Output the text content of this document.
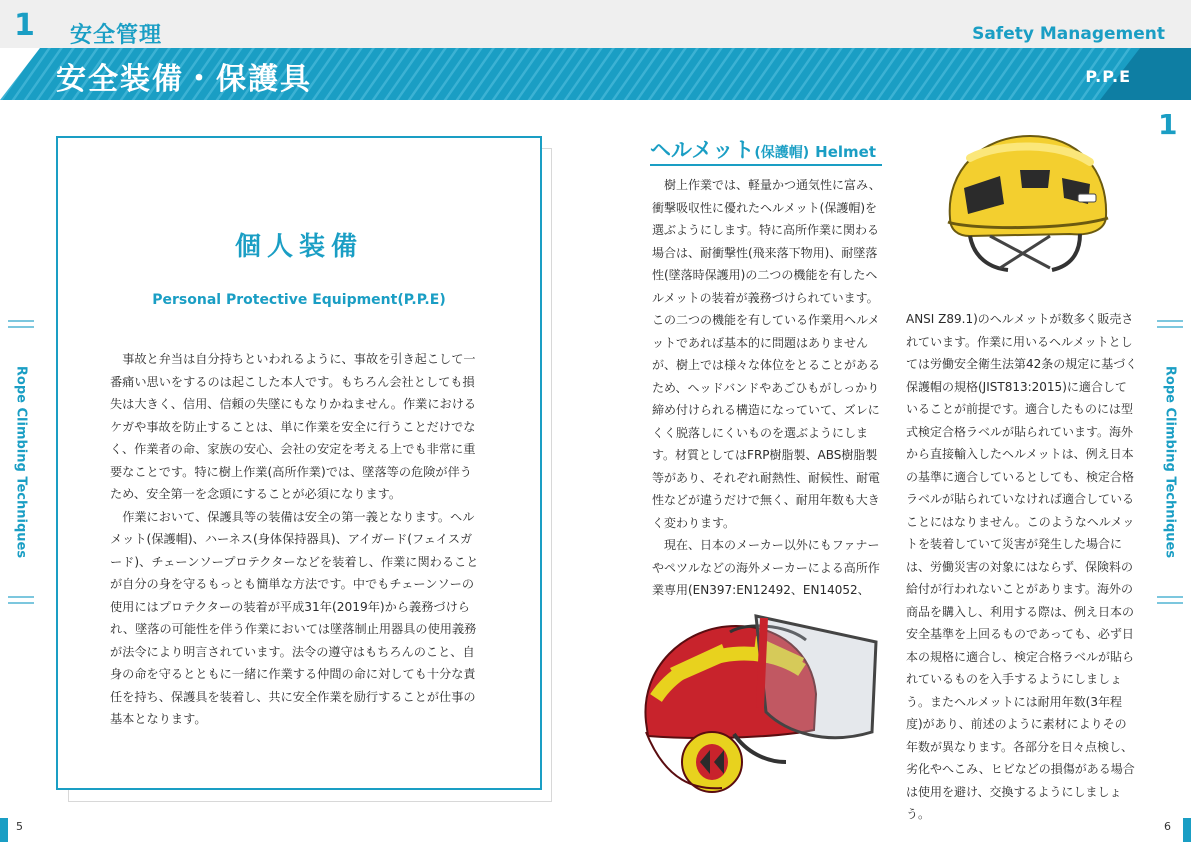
1 安全管理
安全装備・保護具
Safety Management
P.P.E
1
Rope Climbing Techniques	Rope Climbing Techniques
個人装備
Personal Protective Equipment(P.P.E)

事故と弁当は自分持ちといわれるように、事故を引き起こして一番痛い思いをするのは起こした本人です。もちろん会社としても損失は大きく、信用、信頼の失墜にもなりかねません。作業におけるケガや事故を防止することは、単に作業を安全に行うことだけでなく、作業者の命、家族の安心、会社の安定を考える上でも非常に重要なことです。特に樹上作業(高所作業)では、墜落等の危険が伴うため、安全第一を念頭にすることが必須になります。

作業において、保護具等の装備は安全の第一義となります。ヘルメット(保護帽)、ハーネス(身体保持器具)、アイガード(フェイスガード)、チェーンソープロテクターなどを装着し、作業に関わることが自分の身を守るもっとも簡単な方法です。中でもチェーンソーの使用にはプロテクターの装着が平成31年(2019年)から義務づけられ、墜落の可能性を伴う作業においては墜落制止用器具の使用義務が法令により明言されています。法令の遵守はもちろんのこと、自身の命を守るとともに一緒に作業する仲間の命に対しても十分な責任を持ち、保護具を装着し、共に安全作業を励行することが仕事の基本となります。

ヘルメット(保護帽) Helmet

樹上作業では、軽量かつ通気性に富み、衝撃吸収性に優れたヘルメット(保護帽)を選ぶようにします。特に高所作業に関わる場合は、耐衝撃性(飛来落下物用)、耐墜落性(墜落時保護用)の二つの機能を有したヘルメットの装着が義務づけられています。この二つの機能を有している作業用ヘルメットであれば基本的に問題はありませんが、樹上では様々な体位をとることがあるため、ヘッドバンドやあごひもがしっかり締め付けられる構造になっていて、ズレにくく脱落しにくいものを選ぶようにします。材質としてはFRP樹脂製、ABS樹脂製等があり、それぞれ耐熱性、耐候性、耐電性などが違うだけで無く、耐用年数も大きく変わります。

現在、日本のメーカー以外にもファナーやペツルなどの海外メーカーによる高所作業専用(EN397:EN12492、EN14052、

ANSI Z89.1)のヘルメットが数多く販売されています。作業に用いるヘルメットとしては労働安全衛生法第42条の規定に基づく保護帽の規格(JIST813:2015)に適合していることが前提です。適合したものには型式検定合格ラベルが貼られています。海外から直接輸入したヘルメットは、例え日本の基準に適合しているとしても、検定合格ラベルが貼られていなければ適合していることにはなりません。このようなヘルメットを装着していて災害が発生した場合には、労働災害の対象にはならず、保険料の給付が行われないことがあります。海外の商品を購入し、利用する際は、例え日本の安全基準を上回るものであっても、必ず日本の規格に適合し、検定合格ラベルが貼られているものを入手するようにしましょう。またヘルメットには耐用年数(3年程度)があり、前述のように素材によりその年数が異なります。各部分を日々点検し、劣化やへこみ、ヒビなどの損傷がある場合は使用を避け、交換するようにしましょう。

5	6
